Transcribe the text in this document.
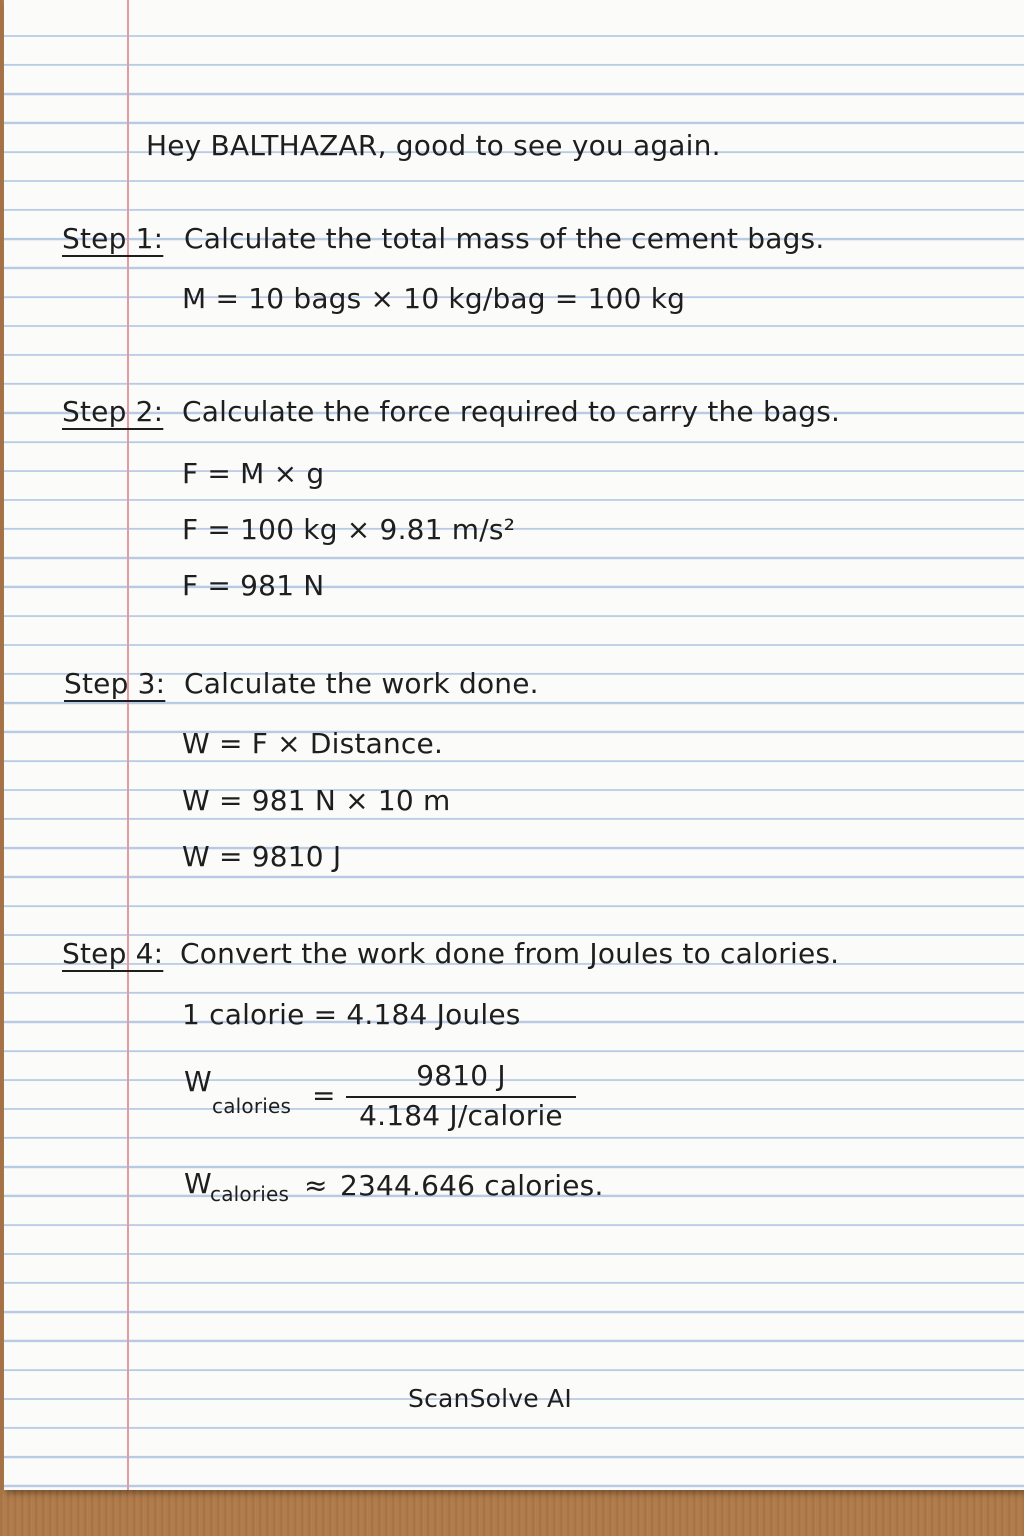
Hey BALTHAZAR, good to see you again.
Step 1: Calculate the total mass of the cement bags.
M = 10 bags × 10 kg/bag = 100 kg
Step 2: Calculate the force required to carry the bags.
F = M × g
F = 100 kg × 9.81 m/s²
F = 981 N
Step 3: Calculate the work done.
W = F × Distance.
W = 981 N × 10 m
W = 9810 J
Step 4: Convert the work done from Joules to calories.
1 calorie = 4.184 Joules
W
calories =
9810 J
4.184 J/calorie
W
calories ≈ 2344.646 calories.
ScanSolve AI
